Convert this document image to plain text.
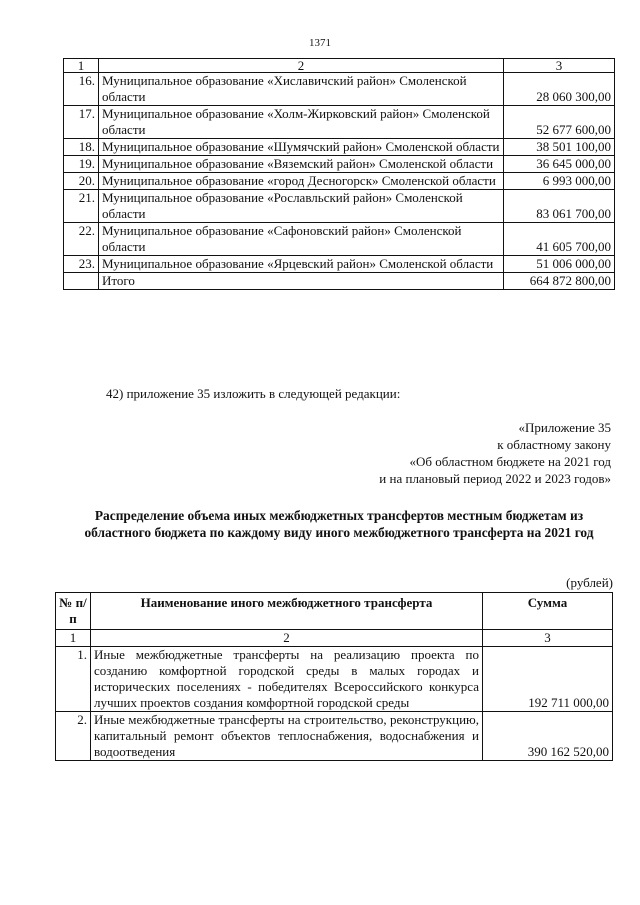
1371
1	2	3
16.	Муниципальное образование «Хиславичский район» Смоленской области	28 060 300,00
17.	Муниципальное образование «Холм-Жирковский район» Смоленской области	52 677 600,00
18.	Муниципальное образование «Шумячский район» Смоленской области	38 501 100,00
19.	Муниципальное образование «Вяземский район» Смоленской области	36 645 000,00
20.	Муниципальное образование «город Десногорск» Смоленской области	6 993 000,00
21.	Муниципальное образование «Рославльский район» Смоленской области	83 061 700,00
22.	Муниципальное образование «Сафоновский район» Смоленской области	41 605 700,00
23.	Муниципальное образование «Ярцевский район» Смоленской области	51 006 000,00
	Итого	664 872 800,00
42) приложение 35 изложить в следующей редакции:
«Приложение 35
к областному закону
«Об областном бюджете на 2021 год
и на плановый период 2022 и 2023 годов»
Распределение объема иных межбюджетных трансфертов местным бюджетам из областного бюджета по каждому виду иного межбюджетного трансферта на 2021 год
(рублей)
№ п/п	Наименование иного межбюджетного трансферта	Сумма
1	2	3
1.	Иные межбюджетные трансферты на реализацию проекта по созданию комфортной городской среды в малых городах и исторических поселениях - победителях Всероссийского конкурса лучших проектов создания комфортной городской среды	192 711 000,00
2.	Иные межбюджетные трансферты на строительство, реконструкцию, капитальный ремонт объектов теплоснабжения, водоснабжения и водоотведения	390 162 520,00
